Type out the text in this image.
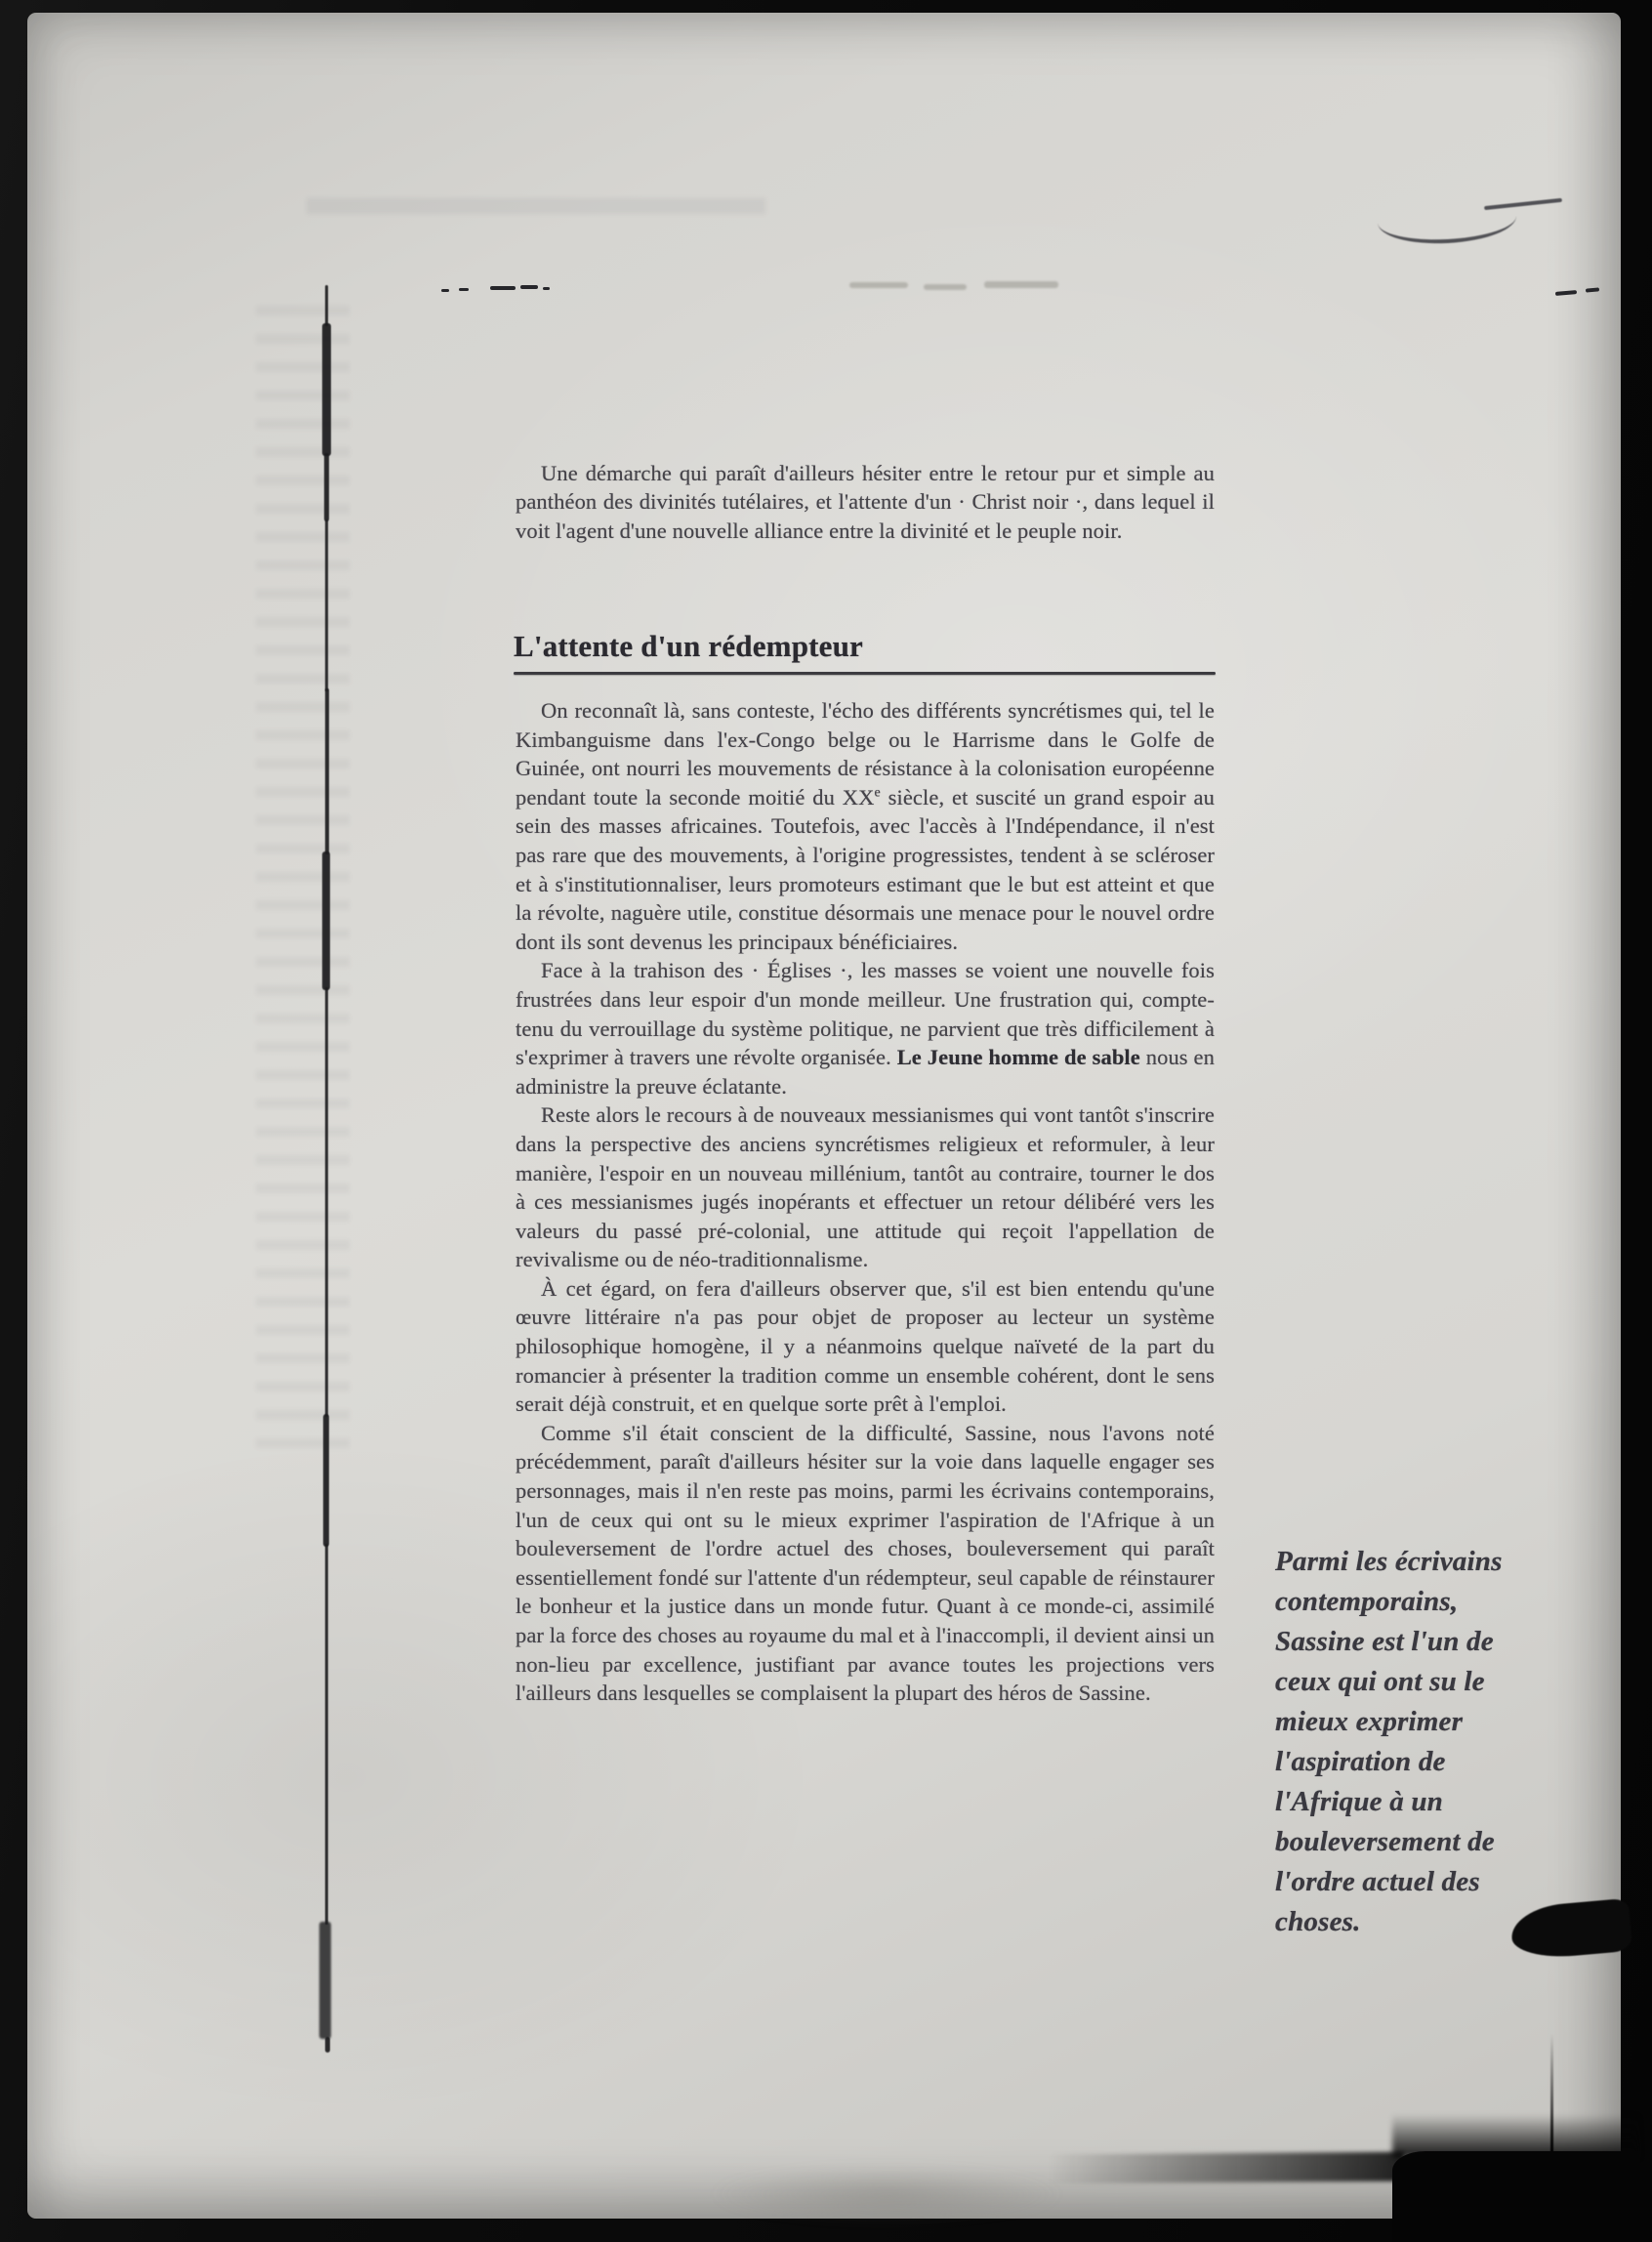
Une démarche qui paraît d'ailleurs hésiter entre le retour pur et simple au panthéon des divinités tutélaires, et l'attente d'un · Christ noir ·, dans lequel il voit l'agent d'une nouvelle alliance entre la divinité et le peuple noir.

L'attente d'un rédempteur

On reconnaît là, sans conteste, l'écho des différents syncrétismes qui, tel le Kimbanguisme dans l'ex-Congo belge ou le Harrisme dans le Golfe de Guinée, ont nourri les mouvements de résistance à la colonisation européenne pendant toute la seconde moitié du XXe siècle, et suscité un grand espoir au sein des masses africaines. Toutefois, avec l'accès à l'Indépendance, il n'est pas rare que des mouvements, à l'origine progressistes, tendent à se scléroser et à s'institutionnaliser, leurs promoteurs estimant que le but est atteint et que la révolte, naguère utile, constitue désormais une menace pour le nouvel ordre dont ils sont devenus les principaux bénéficiaires.

Face à la trahison des · Églises ·, les masses se voient une nouvelle fois frustrées dans leur espoir d'un monde meilleur. Une frustration qui, compte-tenu du verrouillage du système politique, ne parvient que très difficilement à s'exprimer à travers une révolte organisée. Le Jeune homme de sable nous en administre la preuve éclatante.

Reste alors le recours à de nouveaux messianismes qui vont tantôt s'inscrire dans la perspective des anciens syncrétismes religieux et reformuler, à leur manière, l'espoir en un nouveau millénium, tantôt au contraire, tourner le dos à ces messianismes jugés inopérants et effectuer un retour délibéré vers les valeurs du passé pré-colonial, une attitude qui reçoit l'appellation de revivalisme ou de néo-traditionnalisme.

À cet égard, on fera d'ailleurs observer que, s'il est bien entendu qu'une œuvre littéraire n'a pas pour objet de proposer au lecteur un système philosophique homogène, il y a néanmoins quelque naïveté de la part du romancier à présenter la tradition comme un ensemble cohérent, dont le sens serait déjà construit, et en quelque sorte prêt à l'emploi.

Comme s'il était conscient de la difficulté, Sassine, nous l'avons noté précédemment, paraît d'ailleurs hésiter sur la voie dans laquelle engager ses personnages, mais il n'en reste pas moins, parmi les écrivains contemporains, l'un de ceux qui ont su le mieux exprimer l'aspiration de l'Afrique à un bouleversement de l'ordre actuel des choses, bouleversement qui paraît essentiellement fondé sur l'attente d'un rédempteur, seul capable de réinstaurer le bonheur et la justice dans un monde futur. Quant à ce monde-ci, assimilé par la force des choses au royaume du mal et à l'inaccompli, il devient ainsi un non-lieu par excellence, justifiant par avance toutes les projections vers l'ailleurs dans lesquelles se complaisent la plupart des héros de Sassine.

Parmi les écrivains contemporains, Sassine est l'un de ceux qui ont su le mieux exprimer l'aspiration de l'Afrique à un bouleversement de l'ordre actuel des choses.
